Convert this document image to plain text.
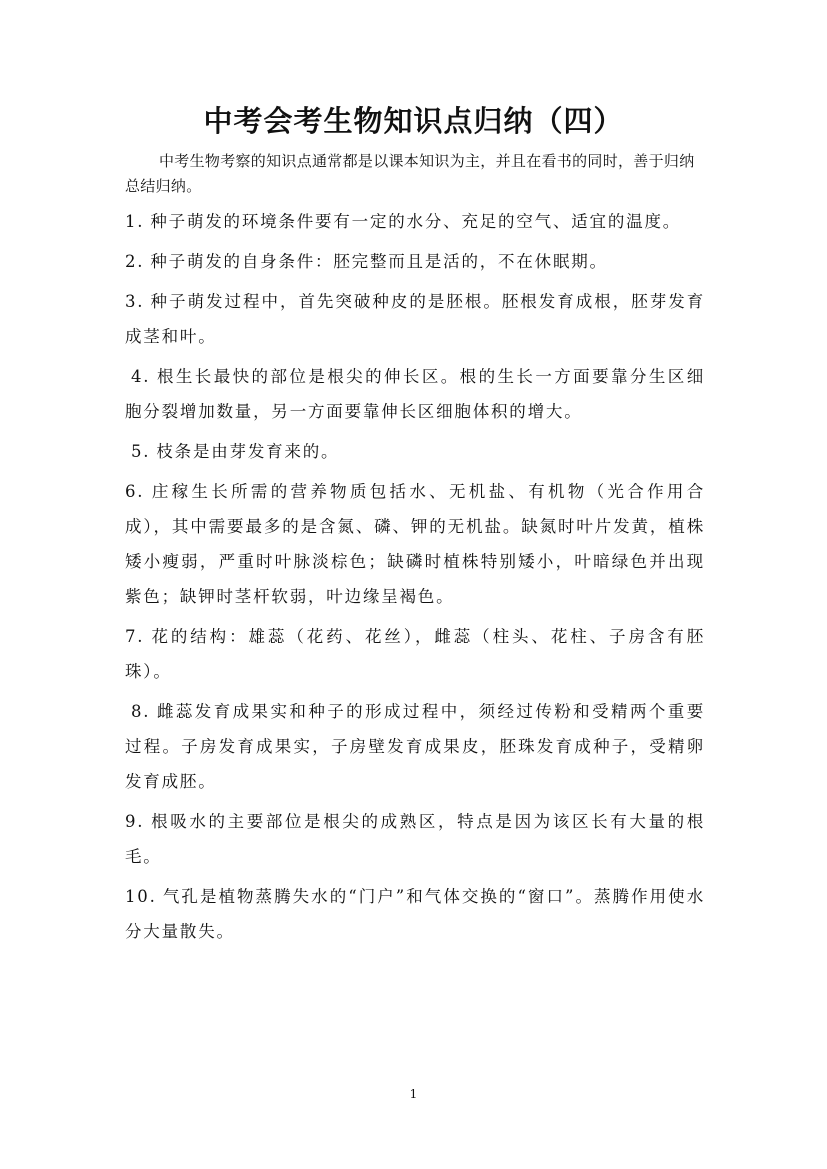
中考会考生物知识点归纳（四）

中考生物考察的知识点通常都是以课本知识为主，并且在看书的同时，善于归纳总结归纳。

1. 种子萌发的环境条件要有一定的水分、充足的空气、适宜的温度。
2. 种子萌发的自身条件：胚完整而且是活的，不在休眠期。
3. 种子萌发过程中，首先突破种皮的是胚根。胚根发育成根，胚芽发育成茎和叶。
4. 根生长最快的部位是根尖的伸长区。根的生长一方面要靠分生区细胞分裂增加数量，另一方面要靠伸长区细胞体积的增大。
5. 枝条是由芽发育来的。
6. 庄稼生长所需的营养物质包括水、无机盐、有机物（光合作用合成），其中需要最多的是含氮、磷、钾的无机盐。缺氮时叶片发黄，植株矮小瘦弱，严重时叶脉淡棕色；缺磷时植株特别矮小，叶暗绿色并出现紫色；缺钾时茎杆软弱，叶边缘呈褐色。
7. 花的结构：雄蕊（花药、花丝），雌蕊（柱头、花柱、子房含有胚珠）。
8. 雌蕊发育成果实和种子的形成过程中，须经过传粉和受精两个重要过程。子房发育成果实，子房壁发育成果皮，胚珠发育成种子，受精卵发育成胚。
9. 根吸水的主要部位是根尖的成熟区，特点是因为该区长有大量的根毛。
10. 气孔是植物蒸腾失水的“门户”和气体交换的“窗口”。蒸腾作用使水分大量散失。
1
